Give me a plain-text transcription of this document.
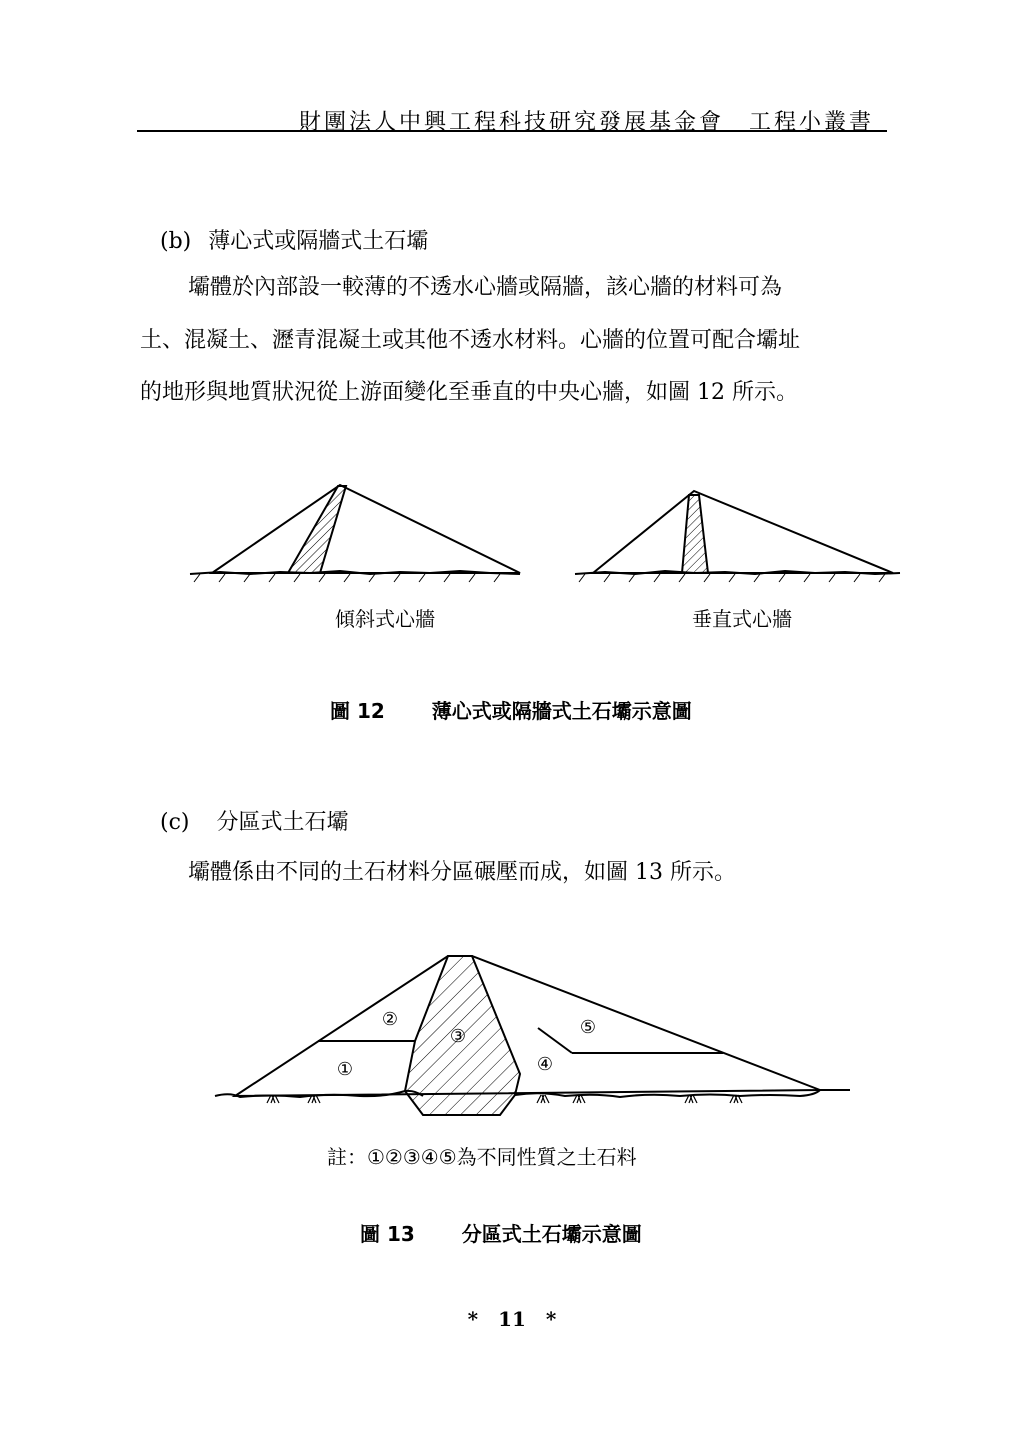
財團法人中興工程科技研究發展基金會　工程小叢書
(b) 薄心式或隔牆式土石壩
壩體於內部設一較薄的不透水心牆或隔牆，該心牆的材料可為
土、混凝土、瀝青混凝土或其他不透水材料。心牆的位置可配合壩址
的地形與地質狀況從上游面變化至垂直的中央心牆，如圖 12 所示。
傾斜式心牆	垂直式心牆
圖 12 薄心式或隔牆式土石壩示意圖
(c) 分區式土石壩
壩體係由不同的土石材料分區碾壓而成，如圖 13 所示。
①
②
③
④
⑤
註：①②③④⑤為不同性質之土石料
圖 13 分區式土石壩示意圖
*　11　*
